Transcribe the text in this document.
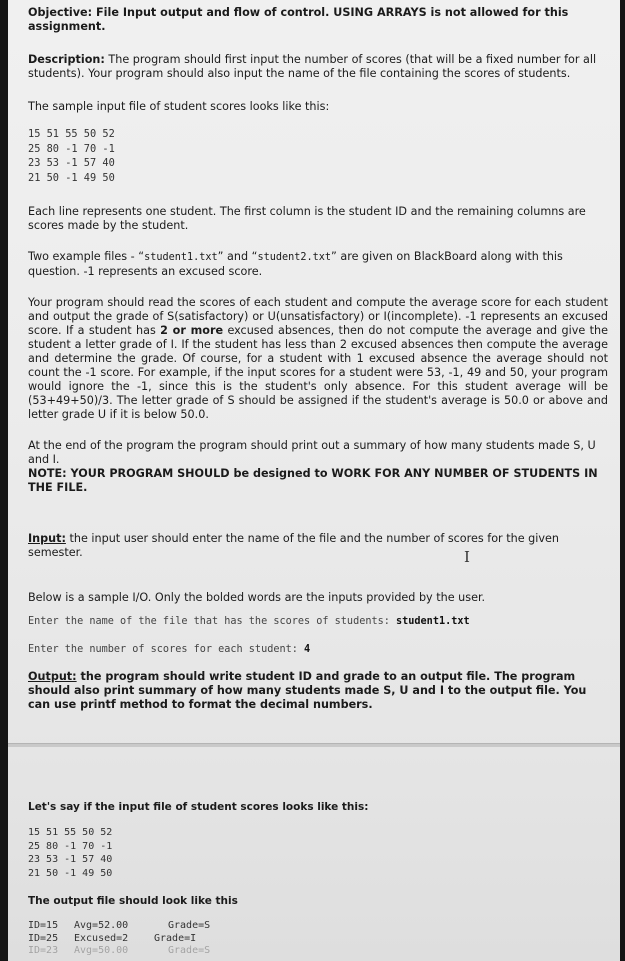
Objective: File Input output and flow of control. USING ARRAYS is not allowed for this assignment.

Description: The program should first input the number of scores (that will be a fixed number for all students). Your program should also input the name of the file containing the scores of students.

The sample input file of student scores looks like this:

15 51 55 50 52
25 80 -1 70 -1
23 53 -1 57 40
21 50 -1 49 50

Each line represents one student. The first column is the student ID and the remaining columns are scores made by the student.

Two example files - “student1.txt” and “student2.txt” are given on BlackBoard along with this question. -1 represents an excused score.

Your program should read the scores of each student and compute the average score for each student and output the grade of S(satisfactory) or U(unsatisfactory) or I(incomplete). -1 represents an excused score. If a student has 2 or more excused absences, then do not compute the average and give the student a letter grade of I. If the student has less than 2 excused absences then compute the average and determine the grade. Of course, for a student with 1 excused absence the average should not count the -1 score. For example, if the input scores for a student were 53, -1, 49 and 50, your program would ignore the -1, since this is the student's only absence. For this student average will be (53+49+50)/3. The letter grade of S should be assigned if the student's average is 50.0 or above and letter grade U if it is below 50.0.

At the end of the program the program should print out a summary of how many students made S, U and I.

NOTE: YOUR PROGRAM SHOULD be designed to WORK FOR ANY NUMBER OF STUDENTS IN THE FILE.

Input: the input user should enter the name of the file and the number of scores for the given semester.	I

Below is a sample I/O. Only the bolded words are the inputs provided by the user.

Enter the name of the file that has the scores of students: student1.txt

Enter the number of scores for each student: 4

Output: the program should write student ID and grade to an output file. The program should also print summary of how many students made S, U and I to the output file. You can use printf method to format the decimal numbers.

Let's say if the input file of student scores looks like this:

15 51 55 50 52
25 80 -1 70 -1
23 53 -1 57 40
21 50 -1 49 50

The output file should look like this

ID=15 Avg=52.00	Grade=S
ID=25 Excused=2	Grade=I
ID=23 Avg=50.00	Grade=S
